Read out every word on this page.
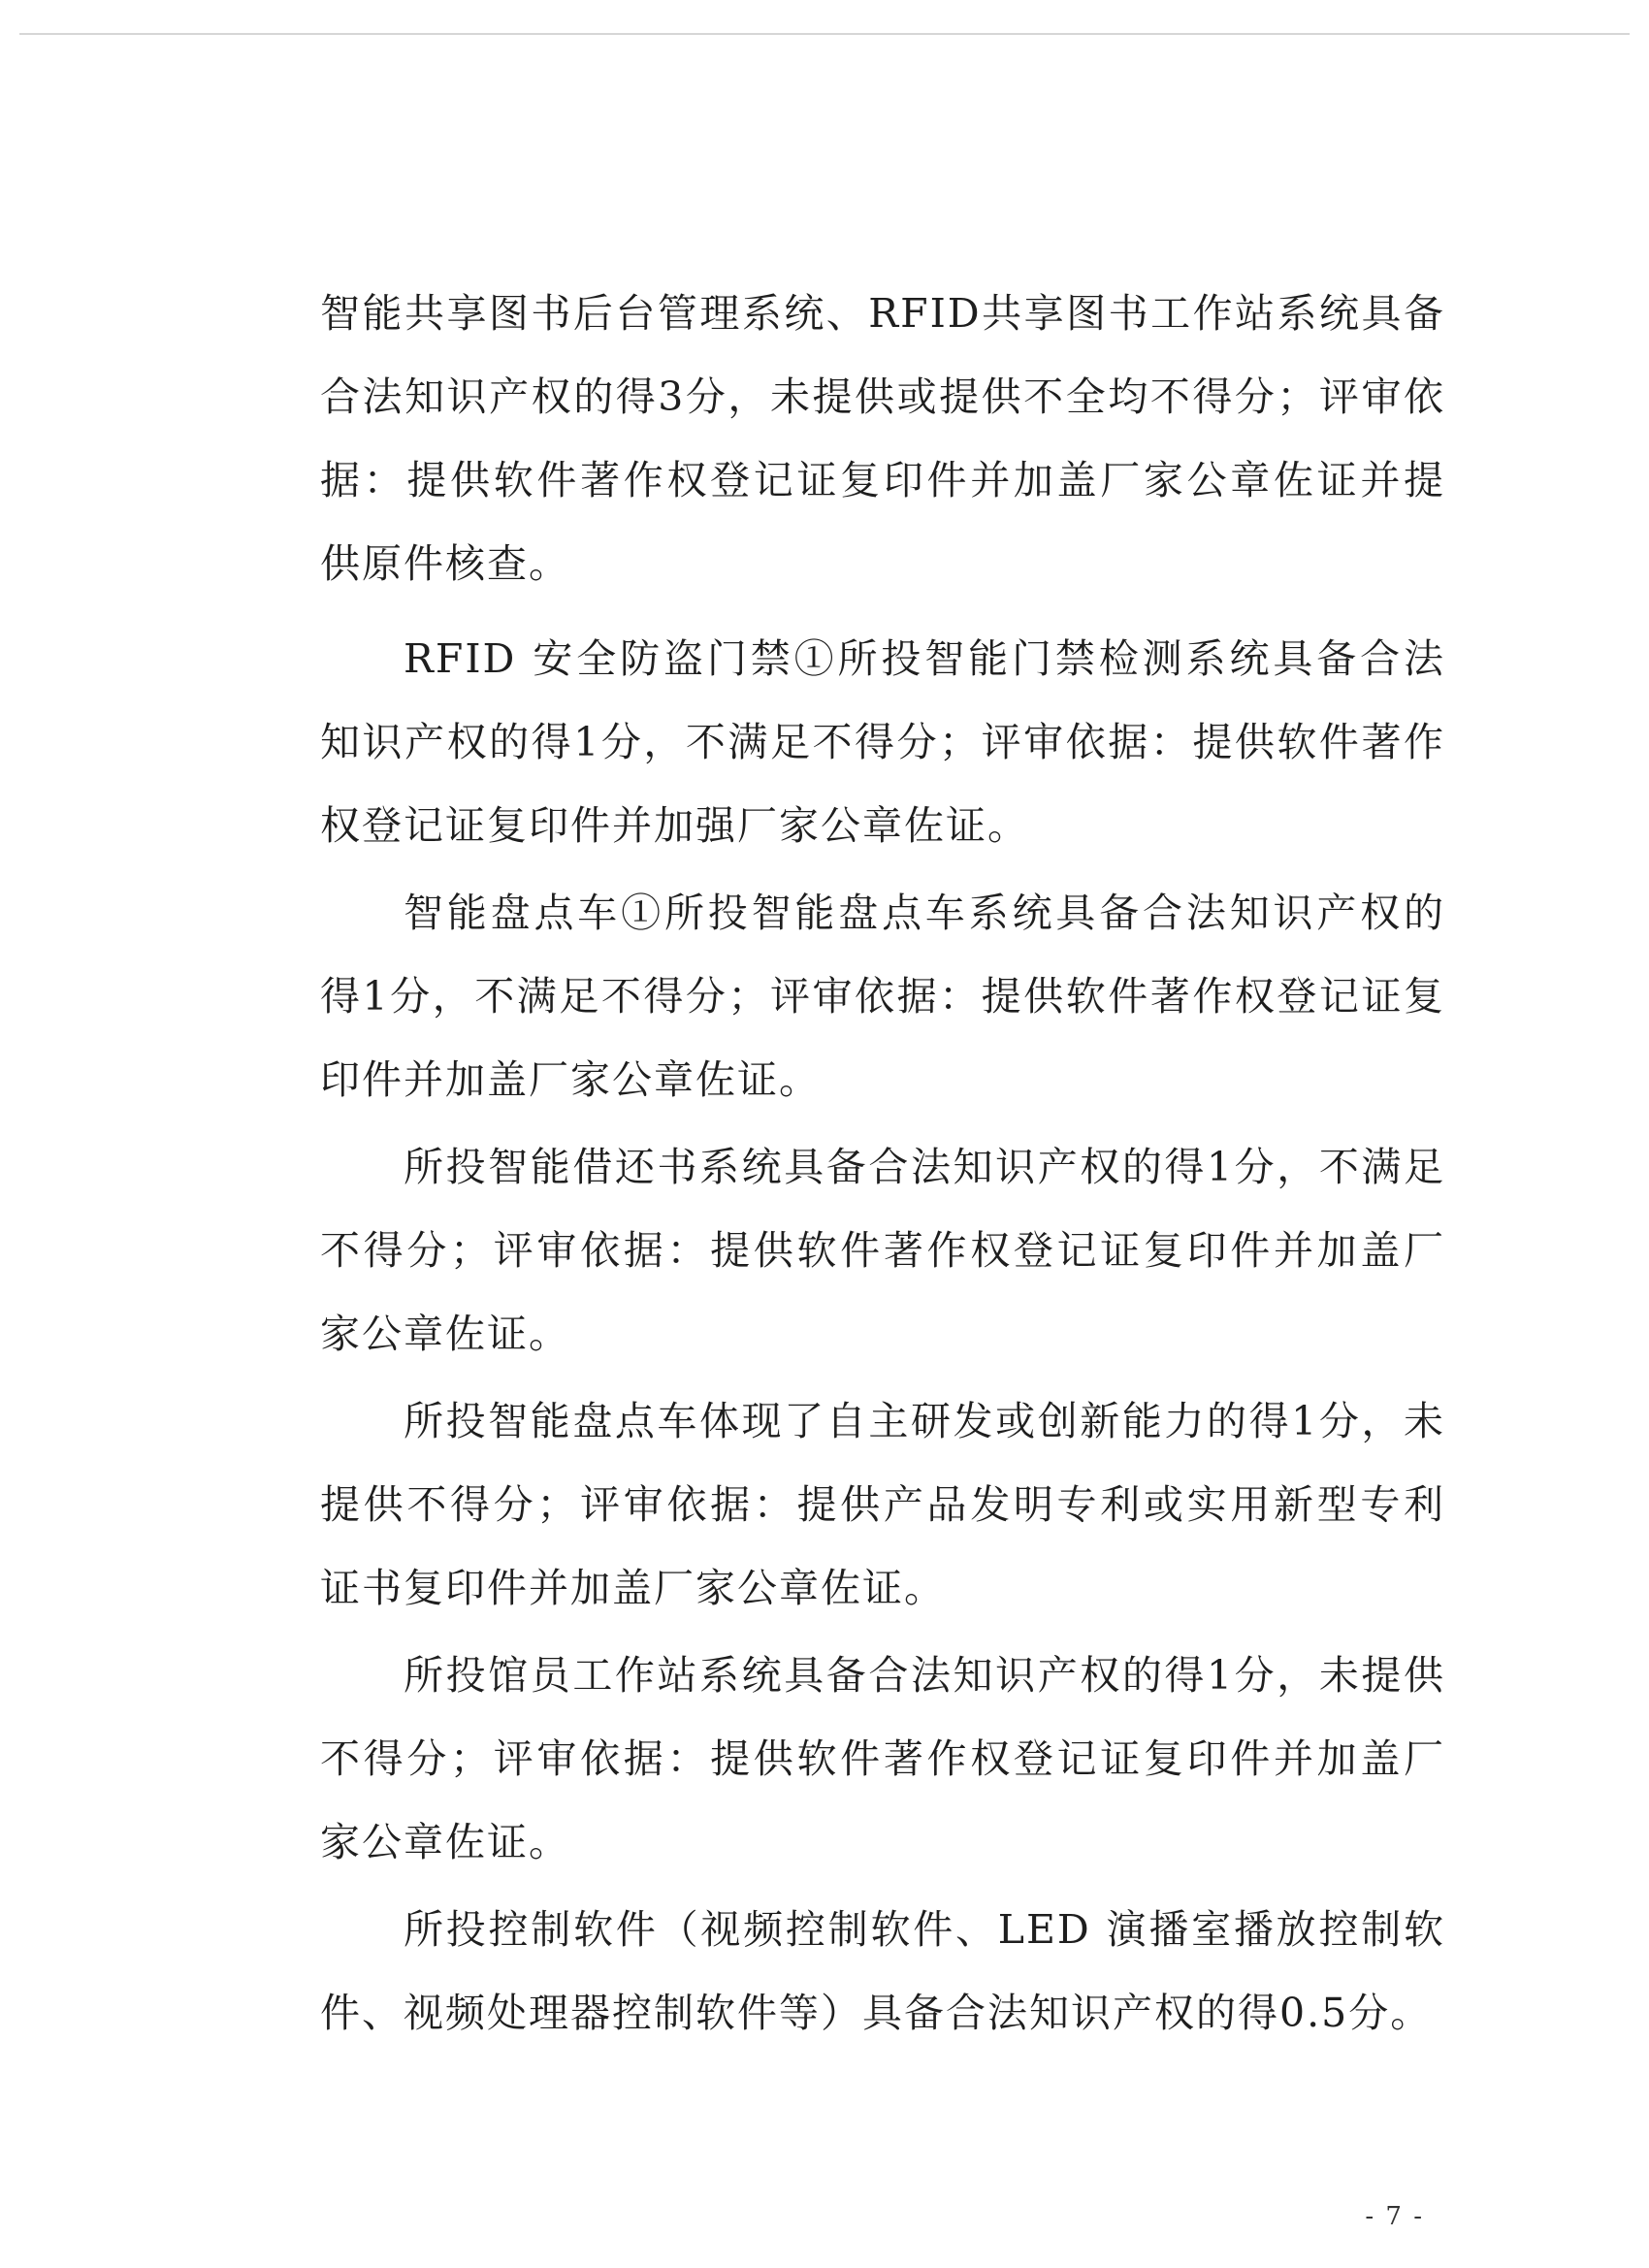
智能共享图书后台管理系统、RFID共享图书工作站系统具备合法知识产权的得3分，未提供或提供不全均不得分；评审依据：提供软件著作权登记证复印件并加盖厂家公章佐证并提供原件核查。

RFID 安全防盗门禁①所投智能门禁检测系统具备合法知识产权的得1分，不满足不得分；评审依据：提供软件著作权登记证复印件并加强厂家公章佐证。

智能盘点车①所投智能盘点车系统具备合法知识产权的得1分，不满足不得分；评审依据：提供软件著作权登记证复印件并加盖厂家公章佐证。

所投智能借还书系统具备合法知识产权的得1分，不满足不得分；评审依据：提供软件著作权登记证复印件并加盖厂家公章佐证。

所投智能盘点车体现了自主研发或创新能力的得1分，未提供不得分；评审依据：提供产品发明专利或实用新型专利证书复印件并加盖厂家公章佐证。

所投馆员工作站系统具备合法知识产权的得1分，未提供不得分；评审依据：提供软件著作权登记证复印件并加盖厂家公章佐证。

所投控制软件（视频控制软件、LED 演播室播放控制软件、视频处理器控制软件等）具备合法知识产权的得0.5分。

- 7 -
